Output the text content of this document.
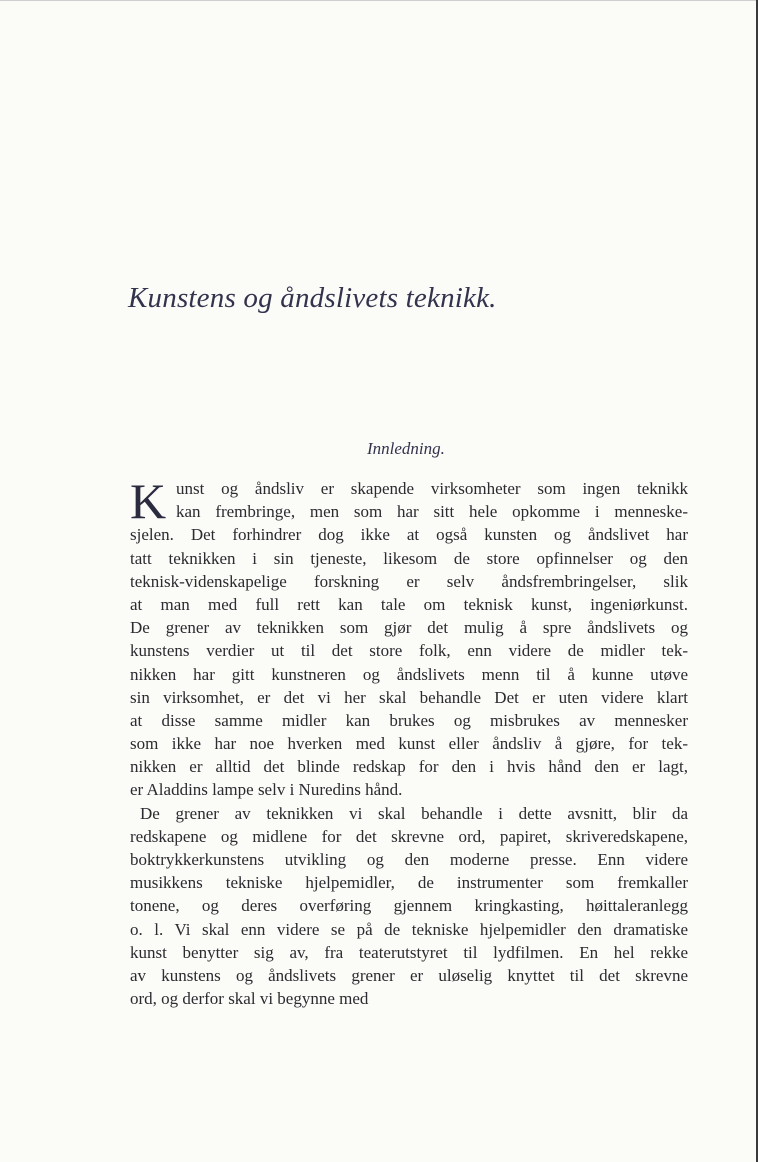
Kunstens og åndslivets teknikk.
Innledning.
K unst og åndsliv er skapende virksomheter som ingen teknikk
kan frembringe, men som har sitt hele opkomme i menneske-
sjelen. Det forhindrer dog ikke at også kunsten og åndslivet har
tatt teknikken i sin tjeneste, likesom de store opfinnelser og den
teknisk-videnskapelige forskning er selv åndsfrembringelser, slik
at man med full rett kan tale om teknisk kunst, ingeniørkunst.
De grener av teknikken som gjør det mulig å spre åndslivets og
kunstens verdier ut til det store folk, enn videre de midler tek-
nikken har gitt kunstneren og åndslivets menn til å kunne utøve
sin virksomhet, er det vi her skal behandle Det er uten videre klart
at disse samme midler kan brukes og misbrukes av mennesker
som ikke har noe hverken med kunst eller åndsliv å gjøre, for tek-
nikken er alltid det blinde redskap for den i hvis hånd den er lagt,
er Aladdins lampe selv i Nuredins hånd.
De grener av teknikken vi skal behandle i dette avsnitt, blir da
redskapene og midlene for det skrevne ord, papiret, skriveredskapene,
boktrykkerkunstens utvikling og den moderne presse. Enn videre
musikkens tekniske hjelpemidler, de instrumenter som fremkaller
tonene, og deres overføring gjennem kringkasting, høittaleranlegg
o. l. Vi skal enn videre se på de tekniske hjelpemidler den dramatiske
kunst benytter sig av, fra teaterutstyret til lydfilmen. En hel rekke
av kunstens og åndslivets grener er uløselig knyttet til det skrevne
ord, og derfor skal vi begynne med
